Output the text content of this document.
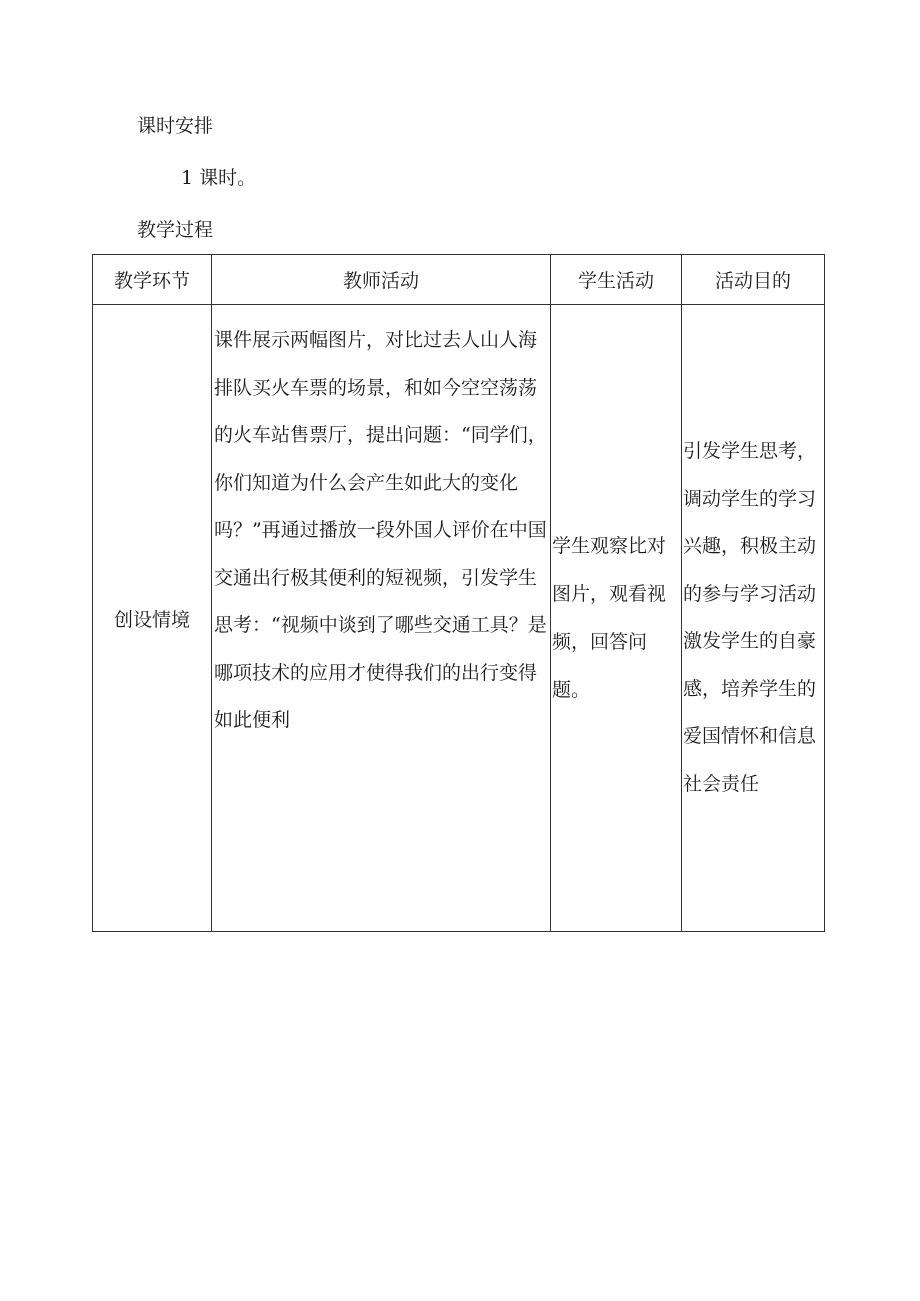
课时安排
1 课时。
教学过程
教学环节	教师活动	学生活动	活动目的
创设情境	课件展示两幅图片，对比过去人山人海排队买火车票的场景，和如今空空荡荡的火车站售票厅，提出问题：“同学们，你们知道为什么会产生如此大的变化吗？”再通过播放一段外国人评价在中国交通出行极其便利的短视频，引发学生思考：“视频中谈到了哪些交通工具？是哪项技术的应用才使得我们的出行变得如此便利	学生观察比对图片，观看视频，回答问题。	引发学生思考，调动学生的学习兴趣，积极主动的参与学习活动激发学生的自豪感，培养学生的爱国情怀和信息社会责任
